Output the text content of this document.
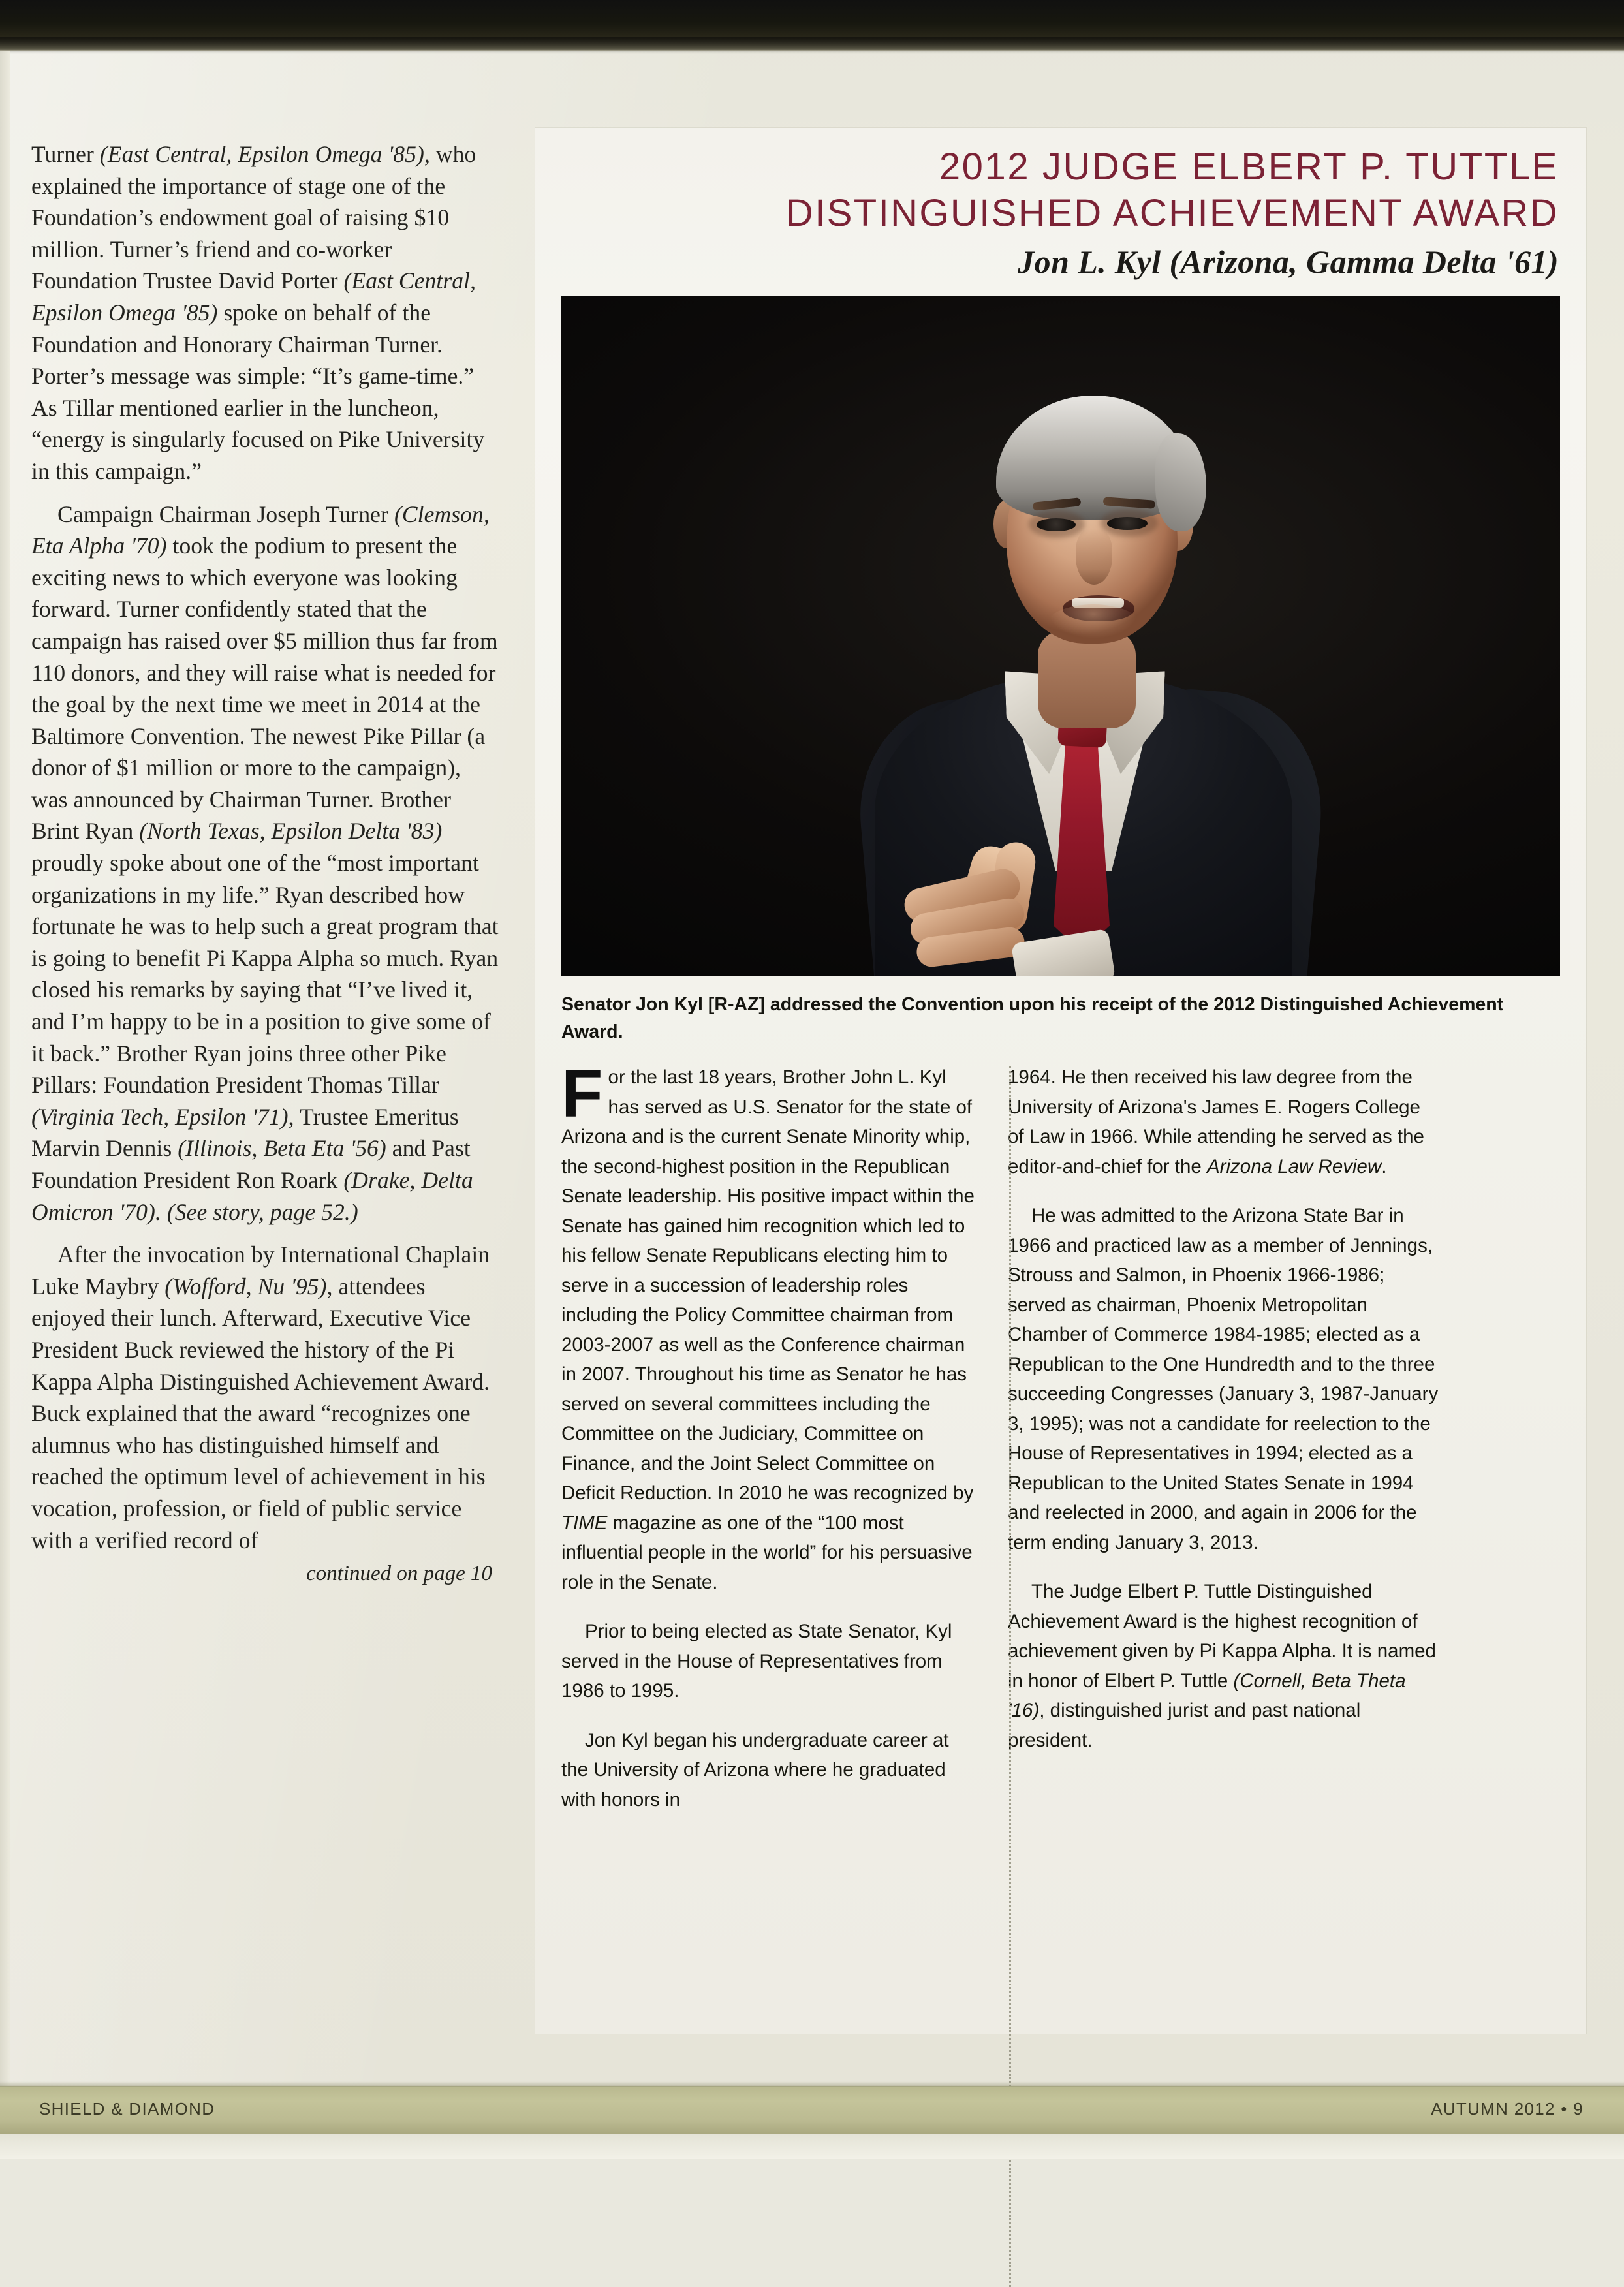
Turner (East Central, Epsilon Omega '85), who explained the importance of stage one of the Foundation’s endowment goal of raising $10 million. Turner’s friend and co-worker Foundation Trustee David Porter (East Central, Epsilon Omega '85) spoke on behalf of the Foundation and Honorary Chairman Turner. Porter’s message was simple: “It’s game-time.” As Tillar mentioned earlier in the luncheon, “energy is singularly focused on Pike University in this campaign.”

Campaign Chairman Joseph Turner (Clemson, Eta Alpha '70) took the podium to present the exciting news to which everyone was looking forward. Turner confidently stated that the campaign has raised over $5 million thus far from 110 donors, and they will raise what is needed for the goal by the next time we meet in 2014 at the Baltimore Convention. The newest Pike Pillar (a donor of $1 million or more to the campaign), was announced by Chairman Turner. Brother Brint Ryan (North Texas, Epsilon Delta '83) proudly spoke about one of the “most important organizations in my life.” Ryan described how fortunate he was to help such a great program that is going to benefit Pi Kappa Alpha so much. Ryan closed his remarks by saying that “I’ve lived it, and I’m happy to be in a position to give some of it back.” Brother Ryan joins three other Pike Pillars: Foundation President Thomas Tillar (Virginia Tech, Epsilon '71), Trustee Emeritus Marvin Dennis (Illinois, Beta Eta '56) and Past Foundation President Ron Roark (Drake, Delta Omicron '70). (See story, page 52.)

After the invocation by International Chaplain Luke Maybry (Wofford, Nu '95), attendees enjoyed their lunch. Afterward, Executive Vice President Buck reviewed the history of the Pi Kappa Alpha Distinguished Achievement Award. Buck explained that the award “recognizes one alumnus who has distinguished himself and reached the optimum level of achievement in his vocation, profession, or field of public service with a verified record of

continued on page 10
2012 JUDGE ELBERT P. TUTTLE
DISTINGUISHED ACHIEVEMENT AWARD
Jon L. Kyl (Arizona, Gamma Delta '61)
Senator Jon Kyl [R-AZ] addressed the Convention upon his receipt of the 2012 Distinguished Achievement Award.

For the last 18 years, Brother John L. Kyl has served as U.S. Senator for the state of Arizona and is the current Senate Minority whip, the second-highest position in the Republican Senate leadership. His positive impact within the Senate has gained him recognition which led to his fellow Senate Republicans electing him to serve in a succession of leadership roles including the Policy Committee chairman from 2003-2007 as well as the Conference chairman in 2007. Throughout his time as Senator he has served on several committees including the Committee on the Judiciary, Committee on Finance, and the Joint Select Committee on Deficit Reduction. In 2010 he was recognized by TIME magazine as one of the “100 most influential people in the world” for his persuasive role in the Senate.

Prior to being elected as State Senator, Kyl served in the House of Representatives from 1986 to 1995.

Jon Kyl began his undergraduate career at the University of Arizona where he graduated with honors in

1964. He then received his law degree from the University of Arizona's James E. Rogers College of Law in 1966. While attending he served as the editor-and-chief for the Arizona Law Review.

He was admitted to the Arizona State Bar in 1966 and practiced law as a member of Jennings, Strouss and Salmon, in Phoenix 1966-1986; served as chairman, Phoenix Metropolitan Chamber of Commerce 1984-1985; elected as a Republican to the One Hundredth and to the three succeeding Congresses (January 3, 1987-January 3, 1995); was not a candidate for reelection to the House of Representatives in 1994; elected as a Republican to the United States Senate in 1994 and reelected in 2000, and again in 2006 for the term ending January 3, 2013.

The Judge Elbert P. Tuttle Distinguished Achievement Award is the highest recognition of achievement given by Pi Kappa Alpha. It is named in honor of Elbert P. Tuttle (Cornell, Beta Theta '16), distinguished jurist and past national president.

SHIELD & DIAMOND	AUTUMN 2012 • 9
